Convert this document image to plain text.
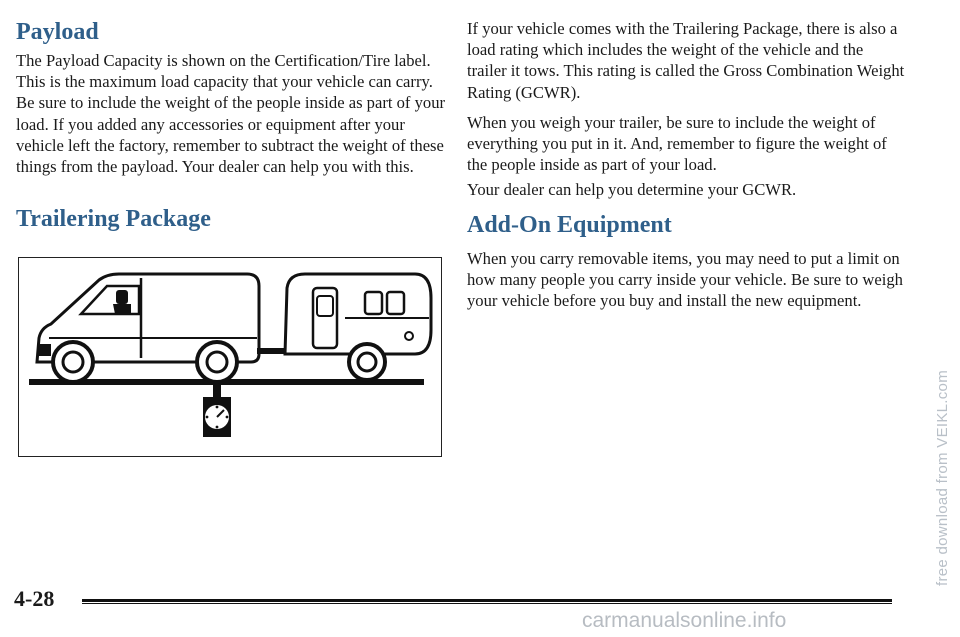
Payload

The Payload Capacity is shown on the Certification/Tire label. This is the maximum load capacity that your vehicle can carry. Be sure to include the weight of the people inside as part of your load. If you added any accessories or equipment after your vehicle left the factory, remember to subtract the weight of these things from the payload. Your dealer can help you with this.

Trailering Package

If your vehicle comes with the Trailering Package, there is also a load rating which includes the weight of the vehicle and the trailer it tows. This rating is called the Gross Combination Weight Rating (GCWR).

When you weigh your trailer, be sure to include the weight of everything you put in it. And, remember to figure the weight of the people inside as part of your load.

Your dealer can help you determine your GCWR.

Add-On Equipment

When you carry removable items, you may need to put a limit on how many people you carry inside your vehicle. Be sure to weigh your vehicle before you buy and install the new equipment.

4-28
free download from VEIKL.com
carmanualsonline.info
